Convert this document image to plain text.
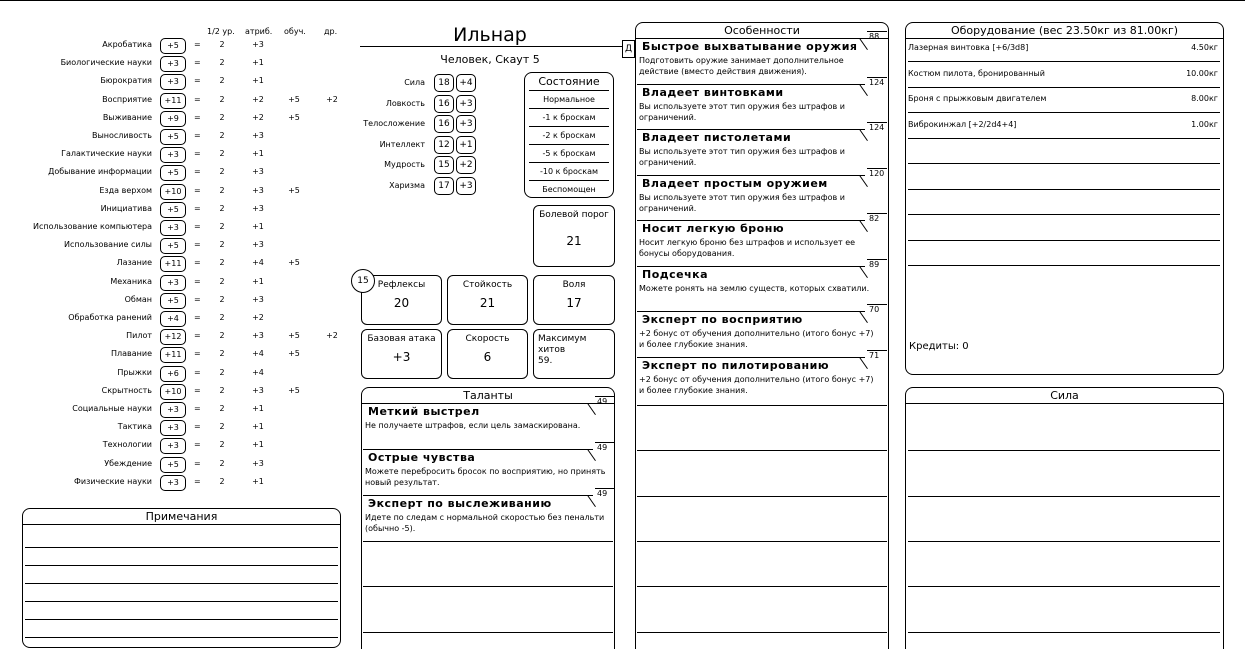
1/2 ур. атриб. обуч. др.
Акробатика	+5	=	2	+3
Биологические науки	+3	=	2	+1
Бюрократия	+3	=	2	+1
Восприятие	+11	=	2	+2	+5	+2
Выживание	+9	=	2	+2	+5
Выносливость	+5	=	2	+3
Галактические науки	+3	=	2	+1
Добывание информации	+5	=	2	+3
Езда верхом	+10	=	2	+3	+5
Инициатива	+5	=	2	+3
Использование компьютера	+3	=	2	+1
Использование силы	+5	=	2	+3
Лазание	+11	=	2	+4	+5
Механика	+3	=	2	+1
Обман	+5	=	2	+3
Обработка ранений	+4	=	2	+2
Пилот	+12	=	2	+3	+5	+2
Плавание	+11	=	2	+4	+5
Прыжки	+6	=	2	+4
Скрытность	+10	=	2	+3	+5
Социальные науки	+3	=	2	+1
Тактика	+3	=	2	+1
Технологии	+3	=	2	+1
Убеждение	+5	=	2	+3
Физические науки	+3	=	2	+1
Примечания
Ильнар
Человек, Скаут 5
Сила	18	+4
Ловкость	16	+3
Телосложение	16	+3
Интеллект	12	+1
Мудрость	15	+2
Харизма	17	+3
Состояние
Нормальное
-1 к броскам
-2 к броскам
-5 к броскам
-10 к броскам
Беспомощен
Болевой порог
21
15	Рефлексы
20
Стойкость
21
Воля
17
Базовая атака
+3
Скорость
6
Максимум хитов
59.
Таланты	49
Меткий выстрел
Не получаете штрафов, если цель замаскирована.
49
Острые чувства
Можете перебросить бросок по восприятию, но принять новый результат.
49
Эксперт по выслеживанию
Идете по следам с нормальной скоростью без пенальти (обычно -5).
Особенности
Д
88
Быстрое выхватывание оружия
Подготовить оружие занимает дополнительное действие (вместо действия движения).
124
Владеет винтовками
Вы используете этот тип оружия без штрафов и ограничений.
124
Владеет пистолетами
Вы используете этот тип оружия без штрафов и ограничений.
120
Владеет простым оружием
Вы используете этот тип оружия без штрафов и ограничений.
82
Носит легкую броню
Носит легкую броню без штрафов и использует ее бонусы оборудования.
89
Подсечка
Можете ронять на землю существ, которых схватили.
70
Эксперт по восприятию
+2 бонус от обучения дополнительно (итого бонус +7) и более глубокие знания.
71
Эксперт по пилотированию
+2 бонус от обучения дополнительно (итого бонус +7) и более глубокие знания.
Оборудование (вес 23.50кг из 81.00кг)
Лазерная винтовка [+6/3d8]	4.50кг
Костюм пилота, бронированный	10.00кг
Броня с прыжковым двигателем	8.00кг
Виброкинжал [+2/2d4+4]	1.00кг
Кредиты: 0
Сила
